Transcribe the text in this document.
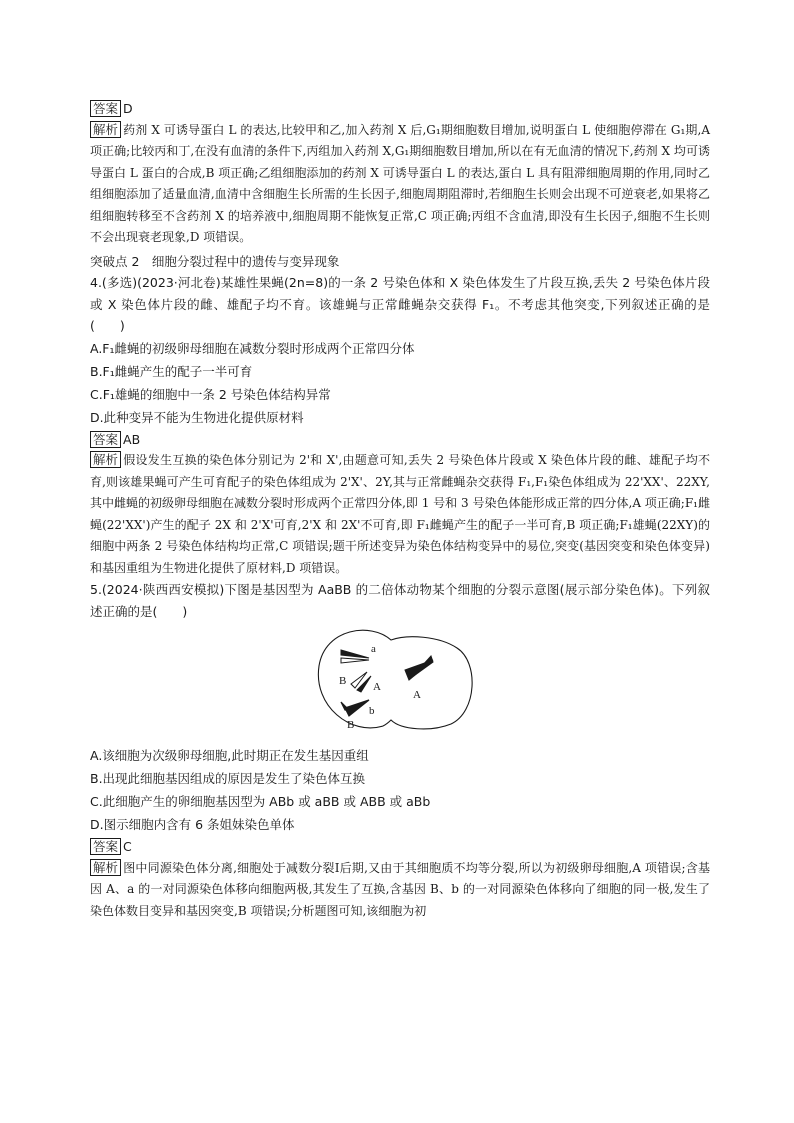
答案 D

解析 药剂 X 可诱导蛋白 L 的表达,比较甲和乙,加入药剂 X 后,G₁期细胞数目增加,说明蛋白 L 使细胞停滞在 G₁期,A 项正确;比较丙和丁,在没有血清的条件下,丙组加入药剂 X,G₁期细胞数目增加,所以在有无血清的情况下,药剂 X 均可诱导蛋白 L 蛋白的合成,B 项正确;乙组细胞添加的药剂 X 可诱导蛋白 L 的表达,蛋白 L 具有阻滞细胞周期的作用,同时乙组细胞添加了适量血清,血清中含细胞生长所需的生长因子,细胞周期阻滞时,若细胞生长则会出现不可逆衰老,如果将乙组细胞转移至不含药剂 X 的培养液中,细胞周期不能恢复正常,C 项正确;丙组不含血清,即没有生长因子,细胞不生长则不会出现衰老现象,D 项错误。

突破点 2　细胞分裂过程中的遗传与变异现象

4.(多选)(2023·河北卷)某雄性果蝇(2n=8)的一条 2 号染色体和 X 染色体发生了片段互换,丢失 2 号染色体片段或 X 染色体片段的雌、雄配子均不育。该雄蝇与正常雌蝇杂交获得 F₁。不考虑其他突变,下列叙述正确的是(　　)

A.F₁雌蝇的初级卵母细胞在减数分裂时形成两个正常四分体

B.F₁雌蝇产生的配子一半可育

C.F₁雄蝇的细胞中一条 2 号染色体结构异常

D.此种变异不能为生物进化提供原材料

答案 AB

解析 假设发生互换的染色体分别记为 2'和 X',由题意可知,丢失 2 号染色体片段或 X 染色体片段的雌、雄配子均不育,则该雄果蝇可产生可育配子的染色体组成为 2'X'、2Y,其与正常雌蝇杂交获得 F₁,F₁染色体组成为 22'XX'、22XY,其中雌蝇的初级卵母细胞在减数分裂时形成两个正常四分体,即 1 号和 3 号染色体能形成正常的四分体,A 项正确;F₁雌蝇(22'XX')产生的配子 2X 和 2'X'可育,2'X 和 2X'不可育,即 F₁雌蝇产生的配子一半可育,B 项正确;F₁雄蝇(22XY)的细胞中两条 2 号染色体结构均正常,C 项错误;题干所述变异为染色体结构变异中的易位,突变(基因突变和染色体变异)和基因重组为生物进化提供了原材料,D 项错误。

5.(2024·陕西西安模拟)下图是基因型为 AaBB 的二倍体动物某个细胞的分裂示意图(展示部分染色体)。下列叙述正确的是(　　)

a
B A
A
B
b

A.该细胞为次级卵母细胞,此时期正在发生基因重组

B.出现此细胞基因组成的原因是发生了染色体互换

C.此细胞产生的卵细胞基因型为 ABb 或 aBB 或 ABB 或 aBb

D.图示细胞内含有 6 条姐妹染色单体

答案 C

解析 图中同源染色体分离,细胞处于减数分裂Ⅰ后期,又由于其细胞质不均等分裂,所以为初级卵母细胞,A 项错误;含基因 A、a 的一对同源染色体移向细胞两极,其发生了互换,含基因 B、b 的一对同源染色体移向了细胞的同一极,发生了染色体数目变异和基因突变,B 项错误;分析题图可知,该细胞为初
